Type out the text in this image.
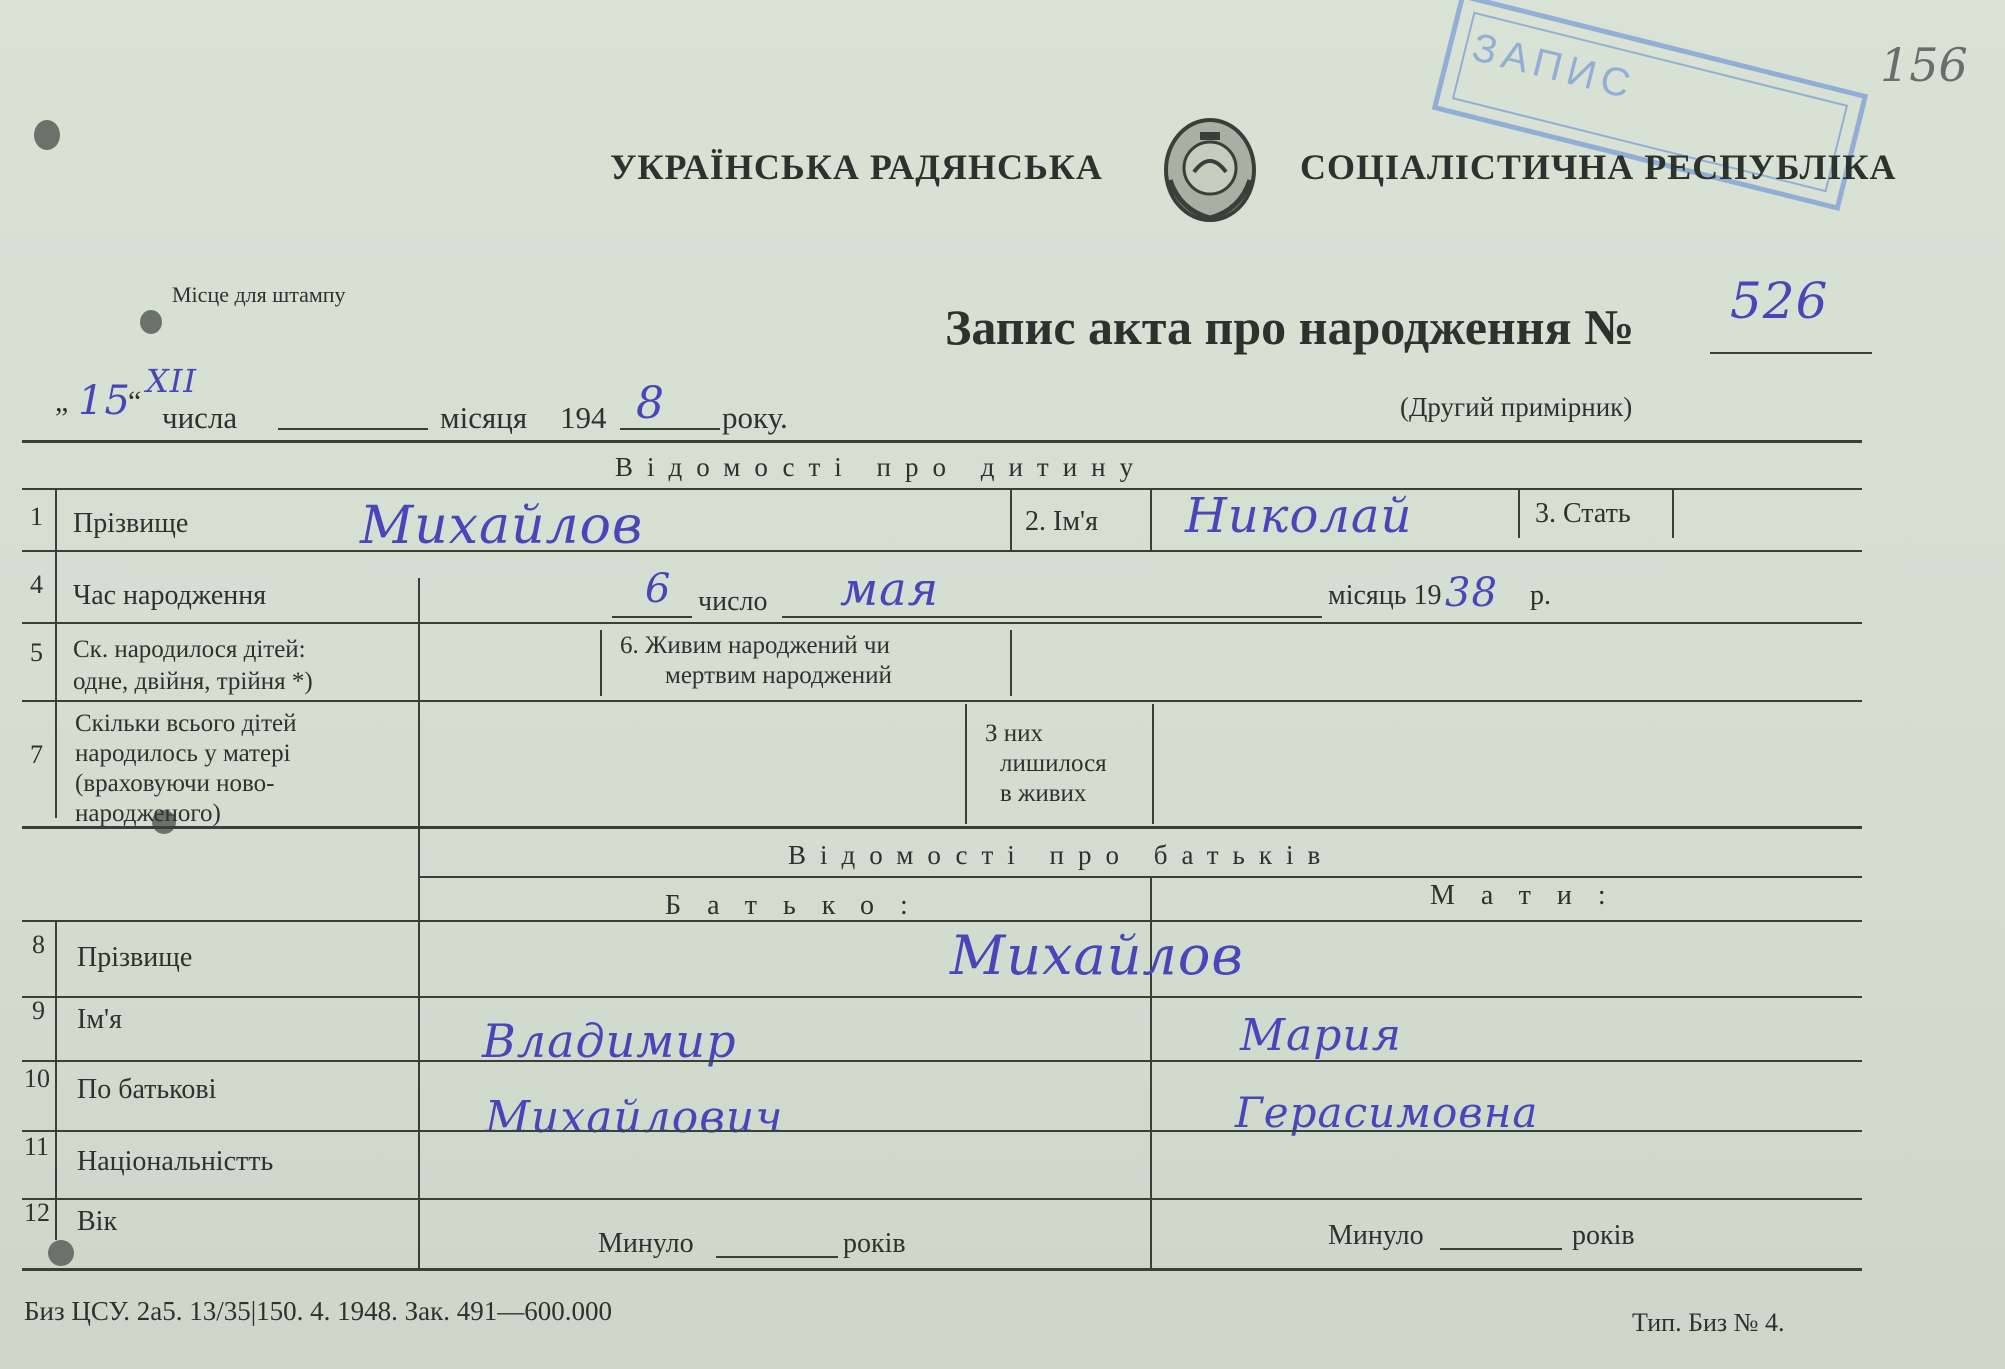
156
ЗАПИС
УКРАЇНСЬКА РАДЯНСЬКА	СОЦІАЛІСТИЧНА РЕСПУБЛІКА
Місце для штампу
Запис акта про народження № 526
„ 15
“
XII
числа	місяця 194 8 року.	(Другий примірник)
Відомості про дитину
1 Прізвище	Михайлов	2. Ім'я Николай	3. Стать
4 Час народження	6 число мая	місяць 19 38 р.
5 Ск. народилося дітей:
одне, двійня, трійня *)
6. Живим народжений чи
мертвим народжений
7
Скільки всього дітей
народилось у матері
(враховуючи ново-
народженого)
З них
лишилося
в живих
Відомості про батьків
Батько:	Мати:
8 Прізвище	Михайлов
9 Ім'я	Владимир	Мария
10 По батькові
Михайлович	Герасимовна
11 Національністть
12 Вік
Минуло	років	Минуло	років
Биз ЦСУ. 2а5. 13/35|150. 4. 1948. Зак. 491—600.000	Тип. Биз № 4.
